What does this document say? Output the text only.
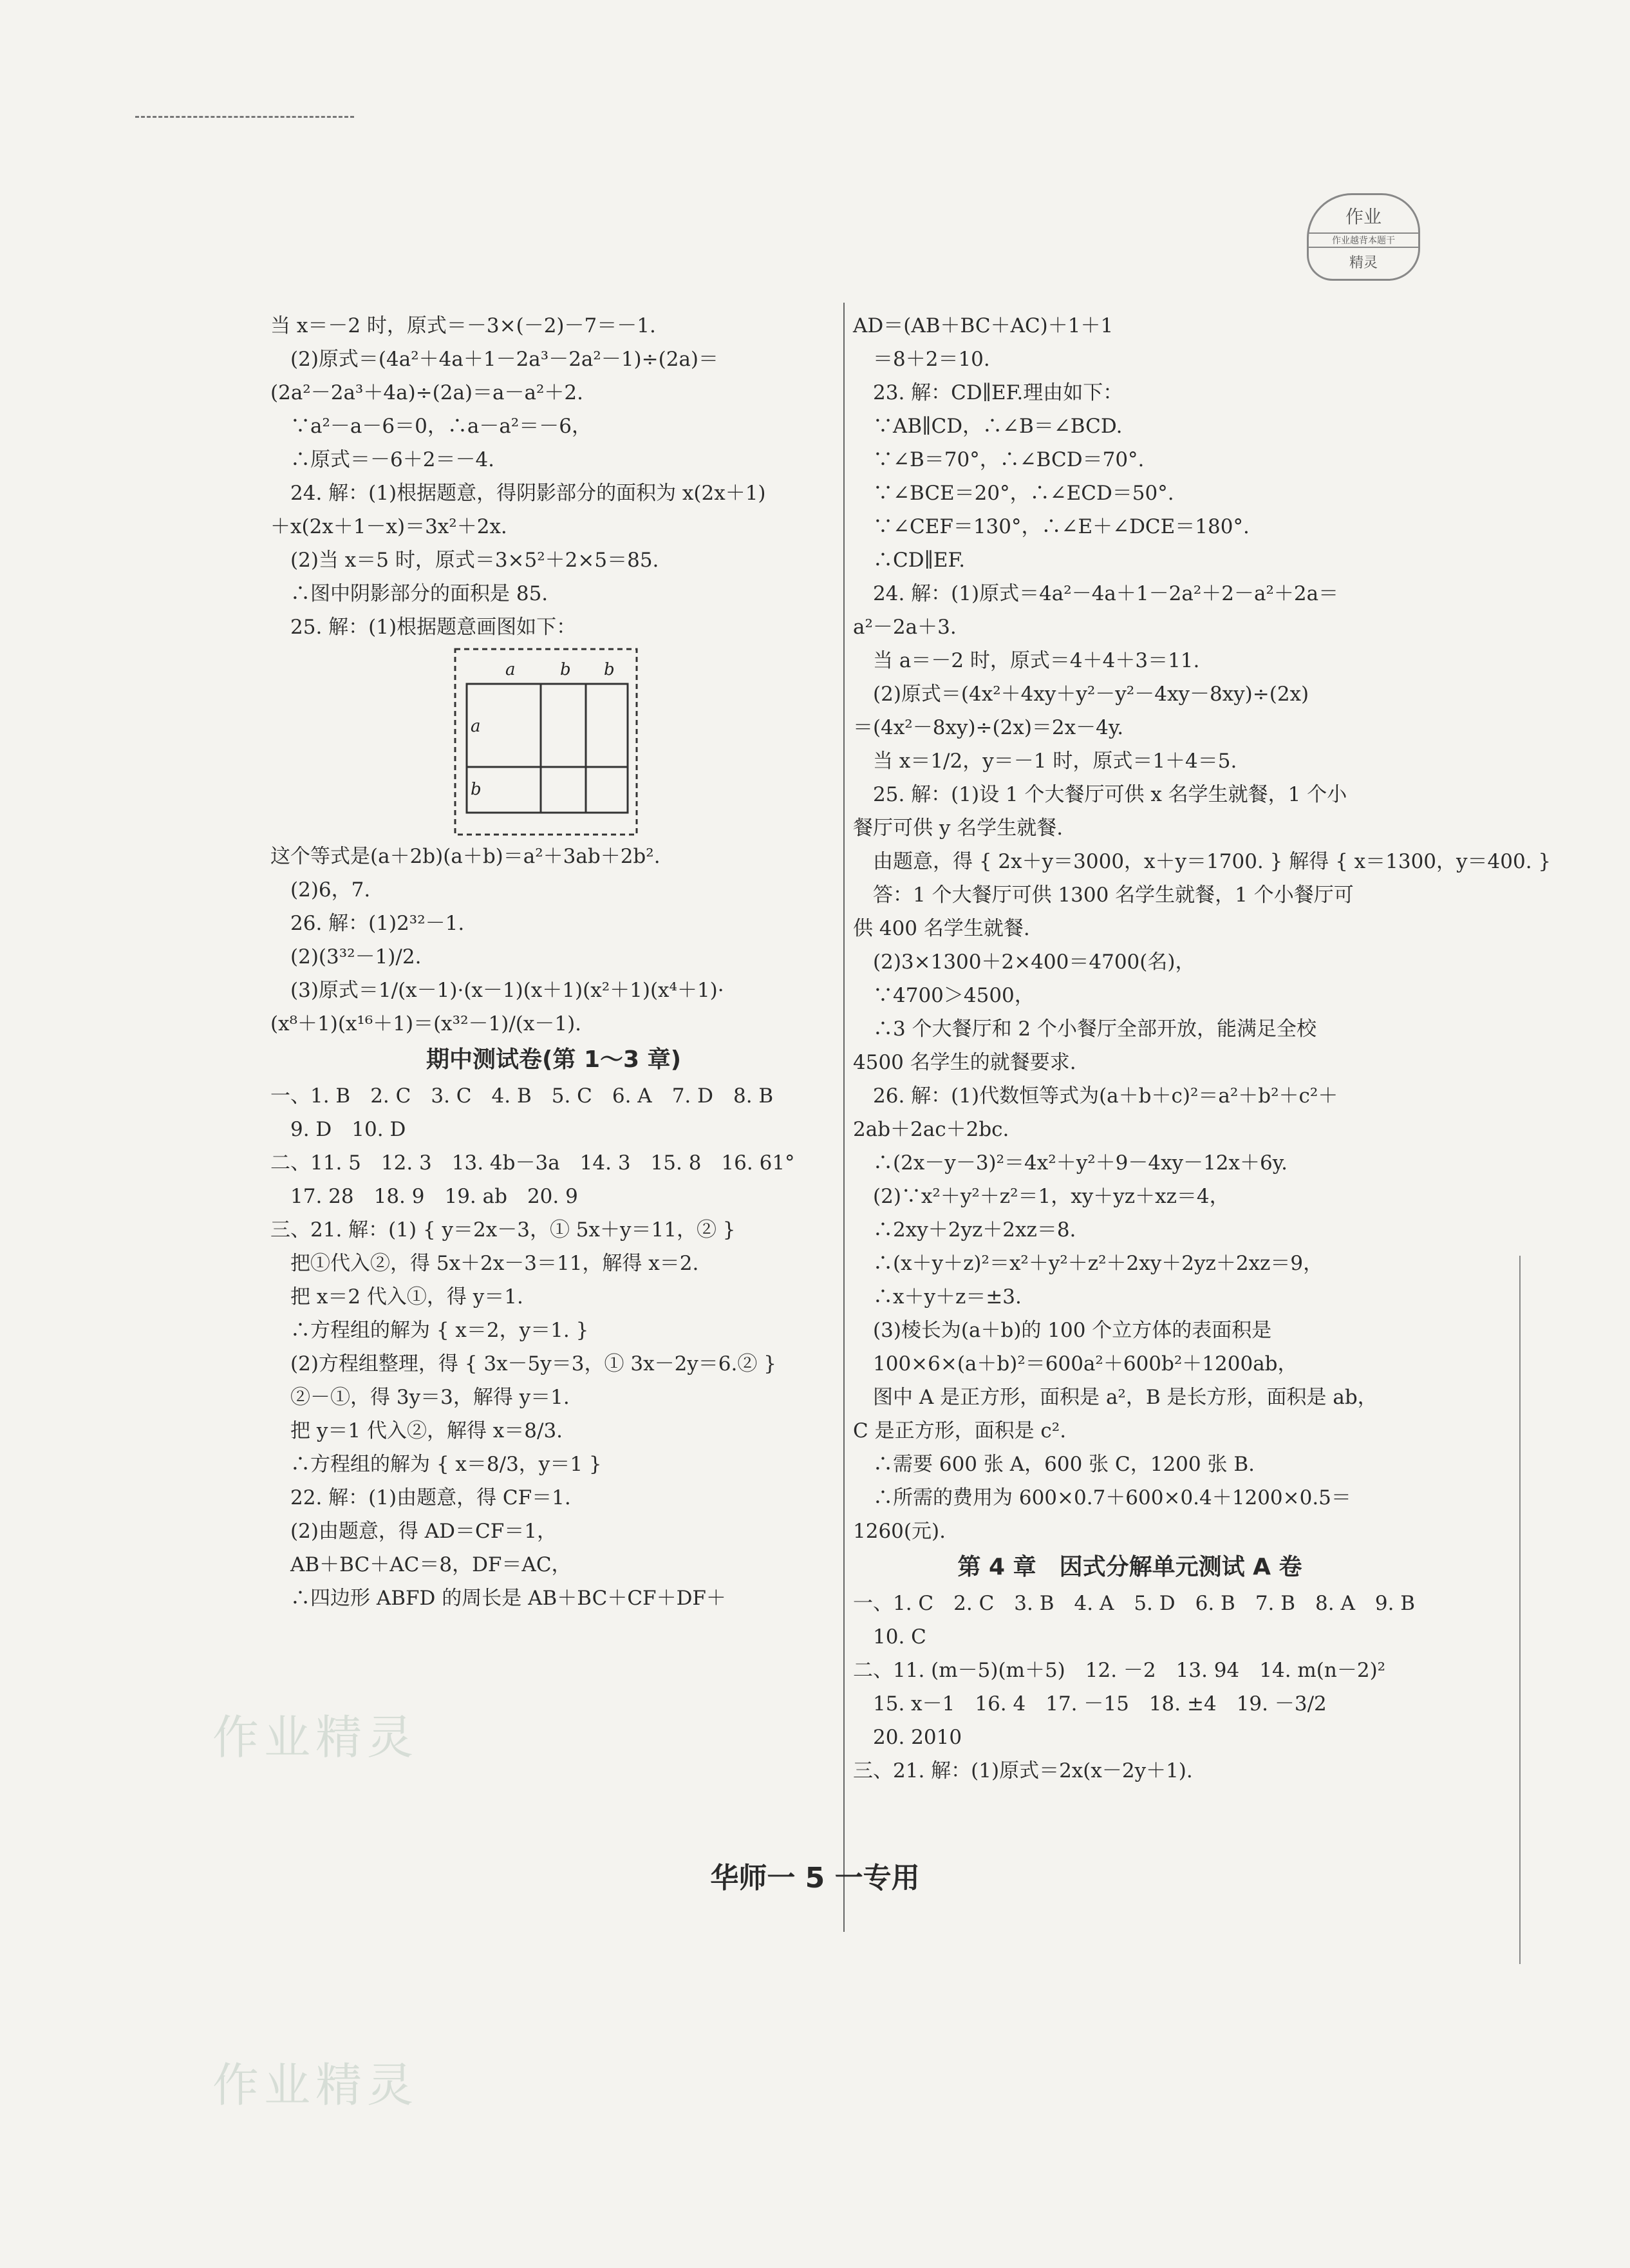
作业
作业越背本题干
精灵
当 x＝－2 时，原式＝－3×(－2)－7＝－1.
　(2)原式＝(4a²＋4a＋1－2a³－2a²－1)÷(2a)＝
(2a²－2a³＋4a)÷(2a)＝a－a²＋2.
　∵a²－a－6＝0，∴a－a²＝－6，
　∴原式＝－6＋2＝－4.
　24. 解：(1)根据题意，得阴影部分的面积为 x(2x＋1)
＋x(2x＋1－x)＝3x²＋2x.
　(2)当 x＝5 时，原式＝3×5²＋2×5＝85.
　∴图中阴影部分的面积是 85.
　25. 解：(1)根据题意画图如下：
a	b b
a
b
这个等式是(a＋2b)(a＋b)＝a²＋3ab＋2b².
　(2)6，7.
　26. 解：(1)2³²－1.
　(2)(3³²－1)/2.
　(3)原式＝1/(x－1)·(x－1)(x＋1)(x²＋1)(x⁴＋1)·
(x⁸＋1)(x¹⁶＋1)＝(x³²－1)/(x－1).
期中测试卷(第 1～3 章)
一、1. B　2. C　3. C　4. B　5. C　6. A　7. D　8. B
　9. D　10. D
二、11. 5　12. 3　13. 4b－3a　14. 3　15. 8　16. 61°
　17. 28　18. 9　19. ab　20. 9
三、21. 解：(1) { y＝2x－3，① 5x＋y＝11，② }
　把①代入②，得 5x＋2x－3＝11，解得 x＝2.
　把 x＝2 代入①，得 y＝1.
　∴方程组的解为 { x＝2，y＝1. }
　(2)方程组整理，得 { 3x－5y＝3，① 3x－2y＝6.② }
　②－①，得 3y＝3，解得 y＝1.
　把 y＝1 代入②，解得 x＝8/3.
　∴方程组的解为 { x＝8/3，y＝1 }
　22. 解：(1)由题意，得 CF＝1.
　(2)由题意，得 AD＝CF＝1，
　AB＋BC＋AC＝8，DF＝AC，
　∴四边形 ABFD 的周长是 AB＋BC＋CF＋DF＋
AD＝(AB＋BC＋AC)＋1＋1
　＝8＋2＝10.
　23. 解：CD∥EF.理由如下：
　∵AB∥CD，∴∠B＝∠BCD.
　∵∠B＝70°，∴∠BCD＝70°.
　∵∠BCE＝20°，∴∠ECD＝50°.
　∵∠CEF＝130°，∴∠E＋∠DCE＝180°.
　∴CD∥EF.
　24. 解：(1)原式＝4a²－4a＋1－2a²＋2－a²＋2a＝
a²－2a＋3.
　当 a＝－2 时，原式＝4＋4＋3＝11.
　(2)原式＝(4x²＋4xy＋y²－y²－4xy－8xy)÷(2x)
＝(4x²－8xy)÷(2x)＝2x－4y.
　当 x＝1/2，y＝－1 时，原式＝1＋4＝5.
　25. 解：(1)设 1 个大餐厅可供 x 名学生就餐，1 个小
餐厅可供 y 名学生就餐.
　由题意，得 { 2x＋y＝3000，x＋y＝1700. } 解得 { x＝1300，y＝400. }
　答：1 个大餐厅可供 1300 名学生就餐，1 个小餐厅可
供 400 名学生就餐.
　(2)3×1300＋2×400＝4700(名)，
　∵4700＞4500，
　∴3 个大餐厅和 2 个小餐厅全部开放，能满足全校
4500 名学生的就餐要求.
　26. 解：(1)代数恒等式为(a＋b＋c)²＝a²＋b²＋c²＋
2ab＋2ac＋2bc.
　∴(2x－y－3)²＝4x²＋y²＋9－4xy－12x＋6y.
　(2)∵x²＋y²＋z²＝1，xy＋yz＋xz＝4，
　∴2xy＋2yz＋2xz＝8.
　∴(x＋y＋z)²＝x²＋y²＋z²＋2xy＋2yz＋2xz＝9，
　∴x＋y＋z＝±3.
　(3)棱长为(a＋b)的 100 个立方体的表面积是
　100×6×(a＋b)²＝600a²＋600b²＋1200ab，
　图中 A 是正方形，面积是 a²，B 是长方形，面积是 ab，
C 是正方形，面积是 c².
　∴需要 600 张 A，600 张 C，1200 张 B.
　∴所需的费用为 600×0.7＋600×0.4＋1200×0.5＝
1260(元).
第 4 章　因式分解单元测试 A 卷
一、1. C　2. C　3. B　4. A　5. D　6. B　7. B　8. A　9. B
　10. C
二、11. (m－5)(m＋5)　12. －2　13. 94　14. m(n－2)²
　15. x－1　16. 4　17. －15　18. ±4　19. －3/2
　20. 2010
三、21. 解：(1)原式＝2x(x－2y＋1).
作业精灵
华师一 5 一专用
作业精灵
